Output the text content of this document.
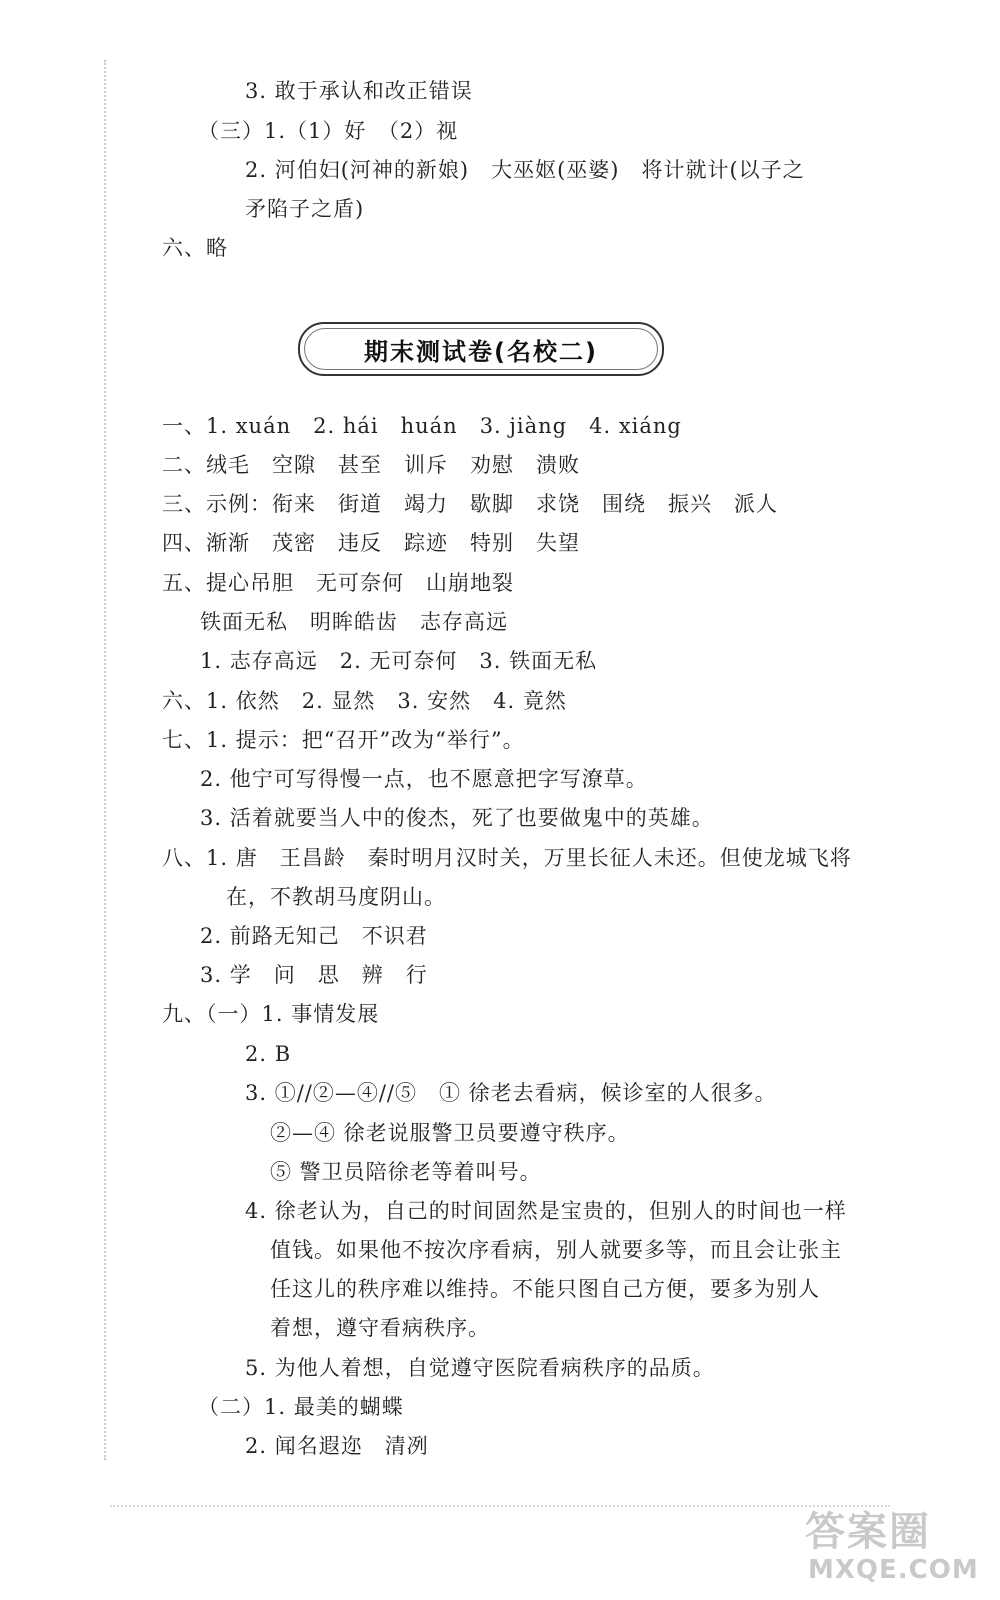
3. 敢于承认和改正错误
（三）1.（1）好　（2）视
2. 河伯妇(河神的新娘)　大巫妪(巫婆)　将计就计(以子之
矛陷子之盾)
六、略
期末测试卷(名校二)
一、1. xuán　2. hái　huán　3. jiàng　4. xiáng
二、绒毛　空隙　甚至　训斥　劝慰　溃败
三、示例：衔来　街道　竭力　歇脚　求饶　围绕　振兴　派人
四、渐渐　茂密　违反　踪迹　特别　失望
五、提心吊胆　无可奈何　山崩地裂
铁面无私　明眸皓齿　志存高远
1. 志存高远　2. 无可奈何　3. 铁面无私
六、1. 依然　2. 显然　3. 安然　4. 竟然
七、1. 提示：把“召开”改为“举行”。
2. 他宁可写得慢一点，也不愿意把字写潦草。
3. 活着就要当人中的俊杰，死了也要做鬼中的英雄。
八、1. 唐　王昌龄　秦时明月汉时关，万里长征人未还。但使龙城飞将
在，不教胡马度阴山。
2. 前路无知己　不识君
3. 学　问　思　辨　行
九、（一）1. 事情发展
2. B
3. ①//②—④//⑤　① 徐老去看病，候诊室的人很多。
②—④ 徐老说服警卫员要遵守秩序。
⑤ 警卫员陪徐老等着叫号。
4. 徐老认为，自己的时间固然是宝贵的，但别人的时间也一样
值钱。如果他不按次序看病，别人就要多等，而且会让张主
任这儿的秩序难以维持。不能只图自己方便，要多为别人
着想，遵守看病秩序。
5. 为他人着想，自觉遵守医院看病秩序的品质。
（二）1. 最美的蝴蝶
2. 闻名遐迩　清冽
答案圈
MXQE.COM
